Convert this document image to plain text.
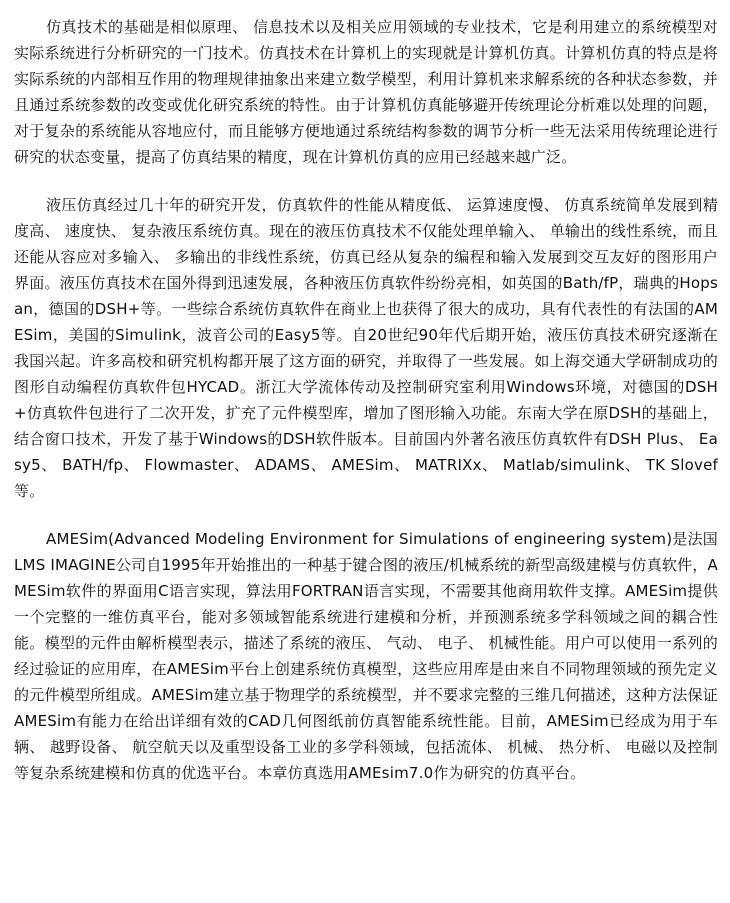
仿真技术的基础是相似原理、 信息技术以及相关应用领域的专业技术，它是利用建立的系统模型对实际系统进行分析研究的一门技术。仿真技术在计算机上的实现就是计算机仿真。计算机仿真的特点是将实际系统的内部相互作用的物理规律抽象出来建立数学模型，利用计算机来求解系统的各种状态参数，并且通过系统参数的改变或优化研究系统的特性。由于计算机仿真能够避开传统理论分析难以处理的问题，对于复杂的系统能从容地应付，而且能够方便地通过系统结构参数的调节分析一些无法采用传统理论进行研究的状态变量，提高了仿真结果的精度，现在计算机仿真的应用已经越来越广泛。

液压仿真经过几十年的研究开发，仿真软件的性能从精度低、 运算速度慢、 仿真系统简单发展到精度高、 速度快、 复杂液压系统仿真。现在的液压仿真技术不仅能处理单输入、 单输出的线性系统，而且还能从容应对多输入、 多输出的非线性系统，仿真已经从复杂的编程和输入发展到交互友好的图形用户界面。液压仿真技术在国外得到迅速发展，各种液压仿真软件纷纷亮相，如英国的Bath/fP，瑞典的Hopsan，德国的DSH+等。一些综合系统仿真软件在商业上也获得了很大的成功，具有代表性的有法国的AMESim，美国的Simulink，波音公司的Easy5等。自20世纪90年代后期开始，液压仿真技术研究逐渐在我国兴起。许多高校和研究机构都开展了这方面的研究，并取得了一些发展。如上海交通大学研制成功的图形自动编程仿真软件包HYCAD。浙江大学流体传动及控制研究室利用Windows环境，对德国的DSH+仿真软件包进行了二次开发，扩充了元件模型库，增加了图形输入功能。东南大学在原DSH的基础上，结合窗口技术，开发了基于Windows的DSH软件版本。目前国内外著名液压仿真软件有DSH Plus、 Easy5、 BATH/fp、 Flowmaster、 ADAMS、 AMESim、 MATRIXx、 Matlab/simulink、 TK Slovef等。

AMESim(Advanced Modeling Environment for Simulations of engineering system)是法国LMS IMAGINE公司自1995年开始推出的一种基于键合图的液压/机械系统的新型高级建模与仿真软件，AMESim软件的界面用C语言实现，算法用FORTRAN语言实现，不需要其他商用软件支撑。AMESim提供一个完整的一维仿真平台，能对多领域智能系统进行建模和分析，并预测系统多学科领域之间的耦合性能。模型的元件由解析模型表示，描述了系统的液压、 气动、 电子、 机械性能。用户可以使用一系列的经过验证的应用库，在AMESim平台上创建系统仿真模型，这些应用库是由来自不同物理领域的预先定义的元件模型所组成。AMESim建立基于物理学的系统模型，并不要求完整的三维几何描述，这种方法保证AMESim有能力在给出详细有效的CAD几何图纸前仿真智能系统性能。目前，AMESim已经成为用于车辆、 越野设备、 航空航天以及重型设备工业的多学科领域，包括流体、 机械、 热分析、 电磁以及控制等复杂系统建模和仿真的优选平台。本章仿真选用AMEsim7.0作为研究的仿真平台。
